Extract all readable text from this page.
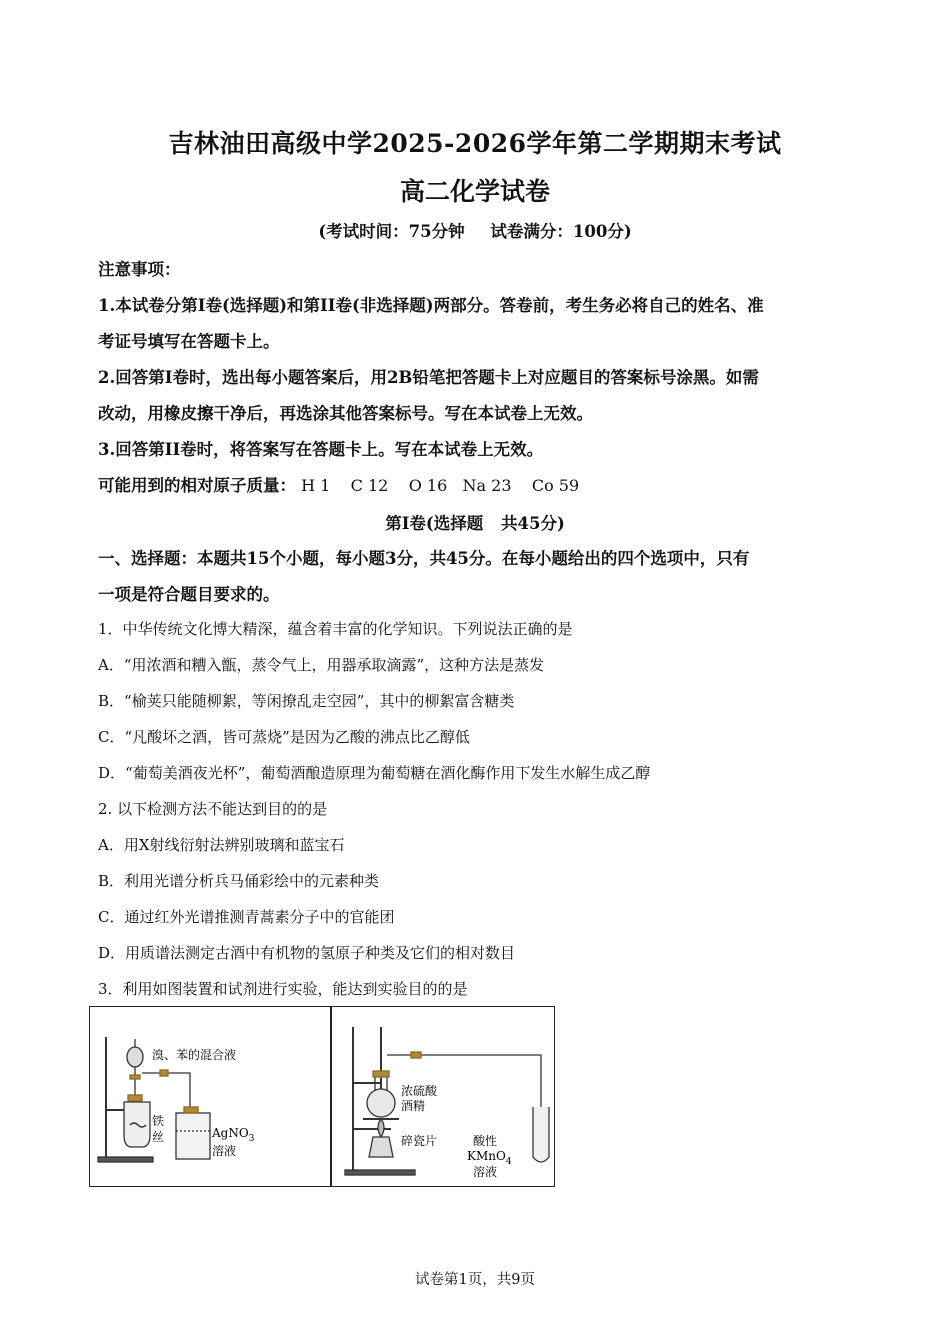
吉林油田高级中学2025-2026学年第二学期期末考试
高二化学试卷
(考试时间：75分钟 试卷满分：100分)
注意事项：
1.本试卷分第I卷(选择题)和第II卷(非选择题)两部分。答卷前，考生务必将自己的姓名、准
考证号填写在答题卡上。
2.回答第I卷时，选出每小题答案后，用2B铅笔把答题卡上对应题目的答案标号涂黑。如需
改动，用橡皮擦干净后，再选涂其他答案标号。写在本试卷上无效。
3.回答第II卷时，将答案写在答题卡上。写在本试卷上无效。
可能用到的相对原子质量： H 1    C 12    O 16   Na 23    Co 59
第I卷(选择题 共45分)
一、选择题：本题共15个小题，每小题3分，共45分。在每小题给出的四个选项中，只有
一项是符合题目要求的。
1．中华传统文化博大精深，蕴含着丰富的化学知识。下列说法正确的是
A．“用浓酒和糟入甑，蒸令气上，用器承取滴露”，这种方法是蒸发
B．“榆荚只能随柳絮，等闲撩乱走空园”，其中的柳絮富含糖类
C．“凡酸坏之酒，皆可蒸烧”是因为乙酸的沸点比乙醇低
D．“葡萄美酒夜光杯”，葡萄酒酿造原理为葡萄糖在酒化酶作用下发生水解生成乙醇
2. 以下检测方法不能达到目的的是
A．用X射线衍射法辨别玻璃和蓝宝石
B．利用光谱分析兵马俑彩绘中的元素种类
C．通过红外光谱推测青蒿素分子中的官能团
D．用质谱法测定古酒中有机物的氢原子种类及它们的相对数目
3．利用如图装置和试剂进行实验，能达到实验目的的是
溴、苯的混合液
铁
丝	AgNO$_3$
溶液
浓硫酸
酒精
碎瓷片	酸性
KMnO$_4$
溶液
试卷第1页，共9页
